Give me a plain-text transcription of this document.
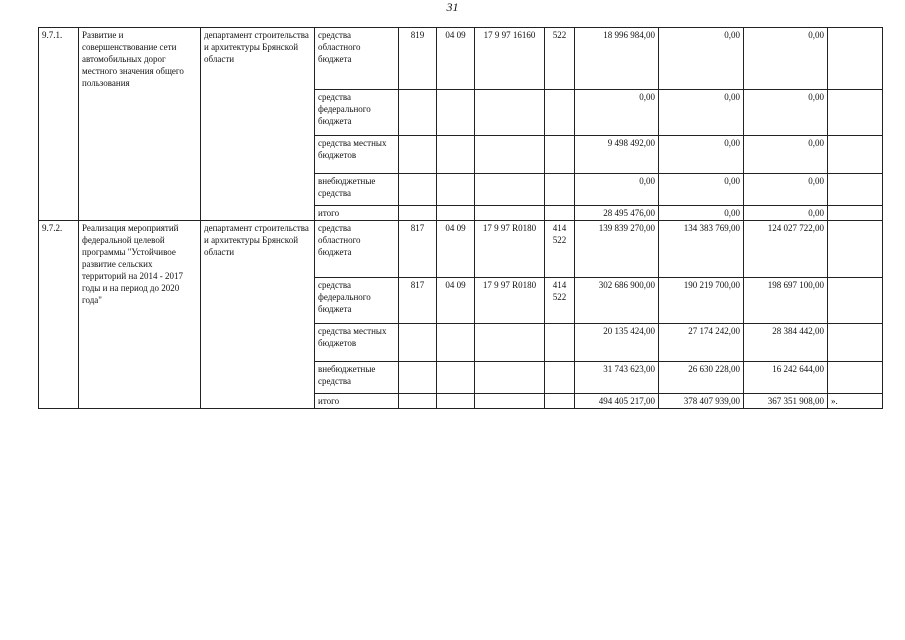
31
9.7.1.	Развитие и совершенствование сети автомобильных дорог местного значения общего пользования	департамент строительства и архитектуры Брянской области	средства областного бюджета	819	04 09	17 9 97 16160	522	18 996 984,00	0,00	0,00	
			средства федерального бюджета					0,00	0,00	0,00	
			средства местных бюджетов					9 498 492,00	0,00	0,00	
			внебюджетные средства					0,00	0,00	0,00	
			итого					28 495 476,00	0,00	0,00	
9.7.2.	Реализация мероприятий федеральной целевой программы "Устойчивое развитие сельских территорий на 2014 - 2017 годы и на период до 2020 года"	департамент строительства и архитектуры Брянской области	средства областного бюджета	817	04 09	17 9 97 R0180	414 522	139 839 270,00	134 383 769,00	124 027 722,00	
			средства федерального бюджета	817	04 09	17 9 97 R0180	414 522	302 686 900,00	190 219 700,00	198 697 100,00	
			средства местных бюджетов					20 135 424,00	27 174 242,00	28 384 442,00	
			внебюджетные средства					31 743 623,00	26 630 228,00	16 242 644,00	
			итого					494 405 217,00	378 407 939,00	367 351 908,00	».
